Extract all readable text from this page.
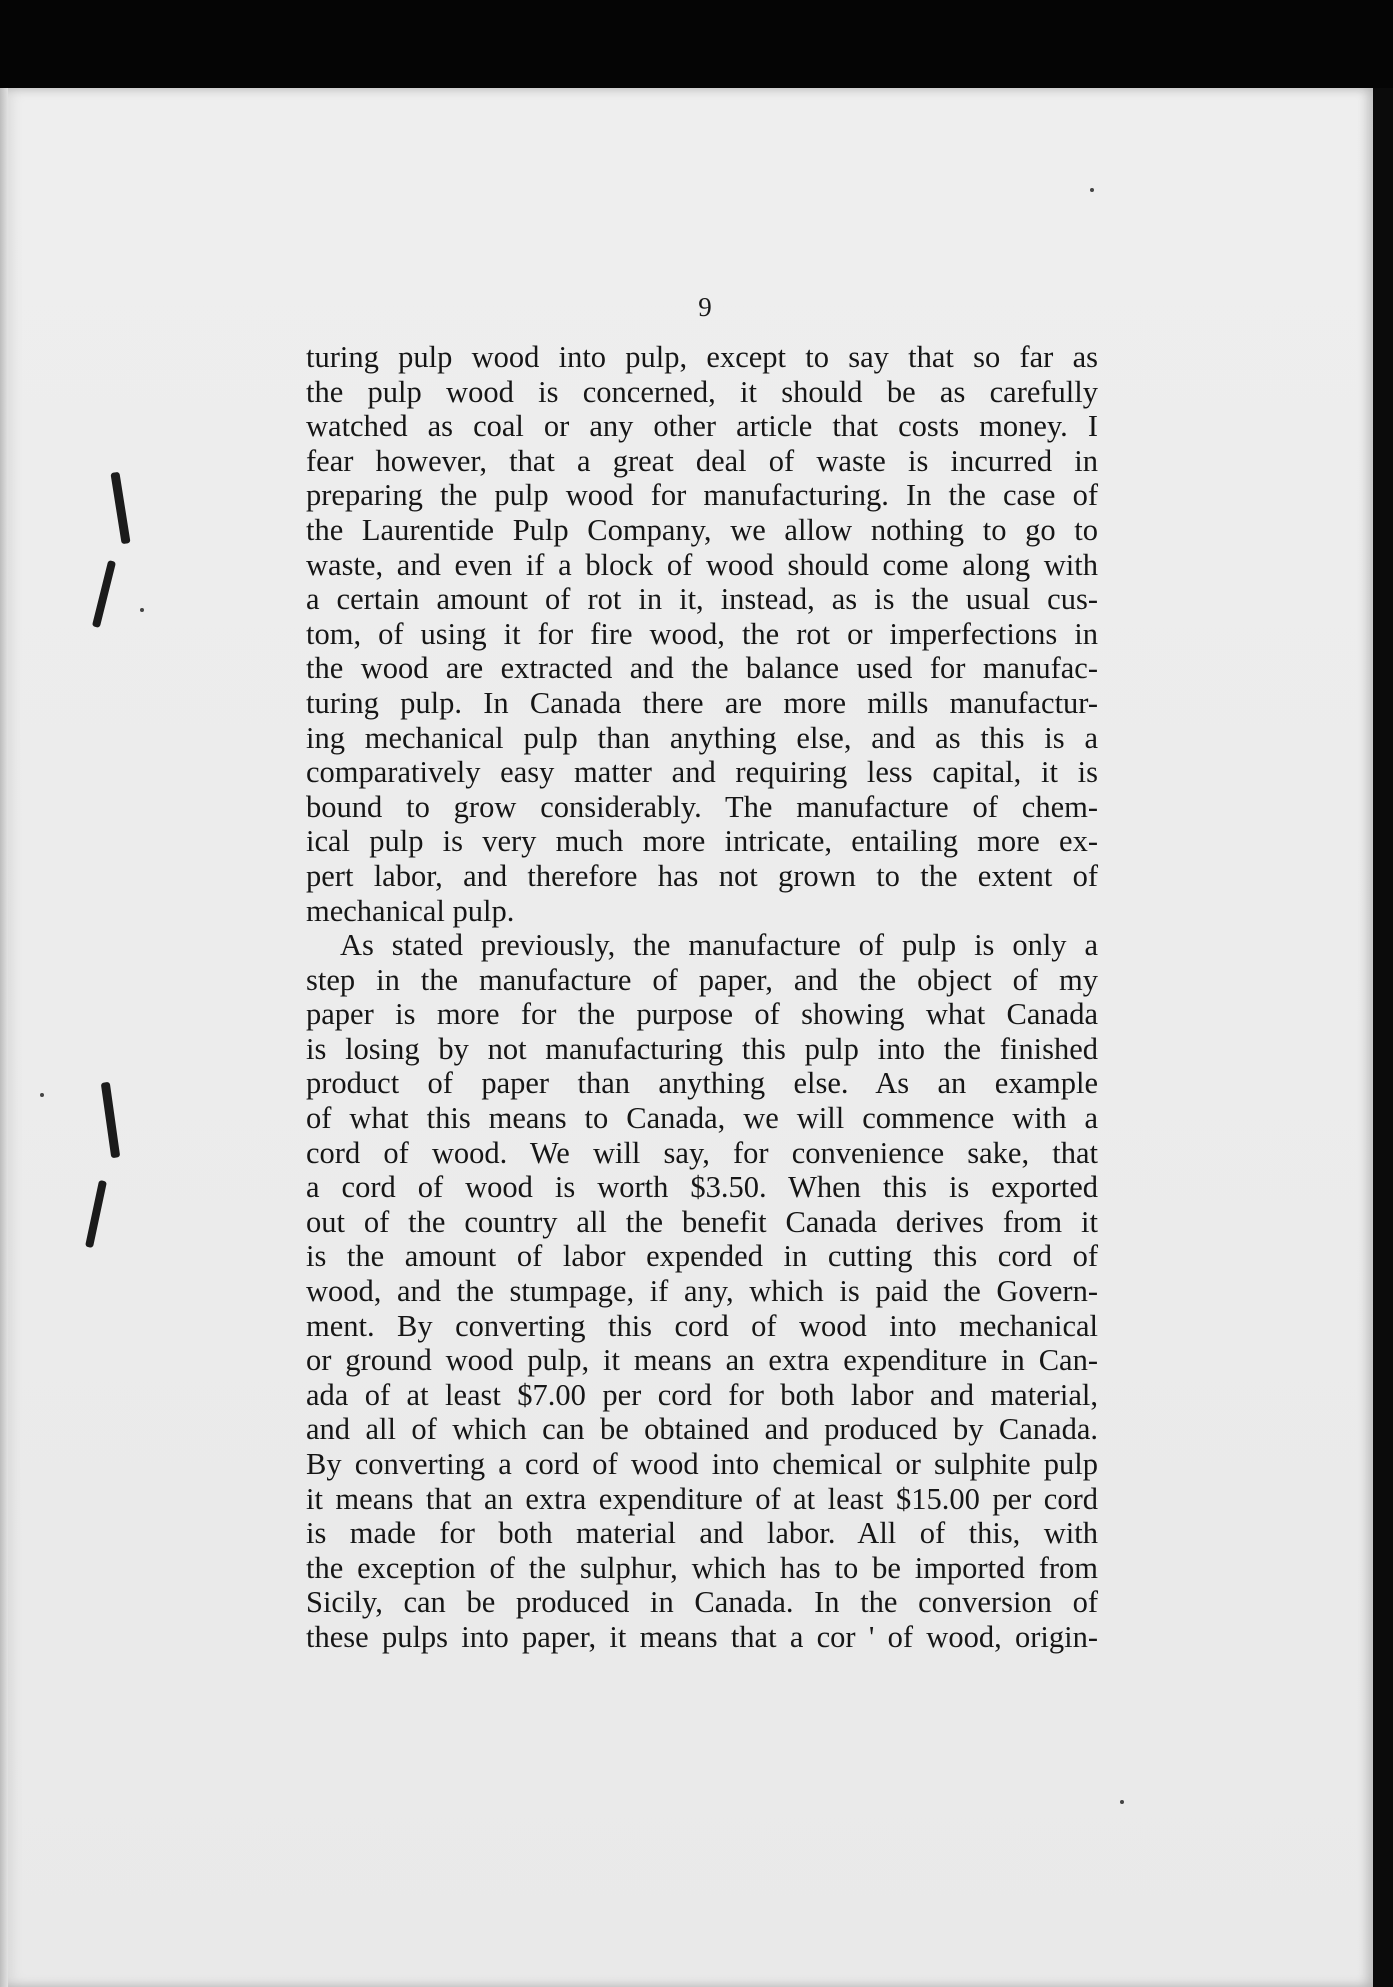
9
turing pulp wood into pulp, except to say that so far as
the pulp wood is concerned, it should be as carefully
watched as coal or any other article that costs money. I
fear however, that a great deal of waste is incurred in
preparing the pulp wood for manufacturing. In the case of
the Laurentide Pulp Company, we allow nothing to go to
waste, and even if a block of wood should come along with
a certain amount of rot in it, instead, as is the usual cus-
tom, of using it for fire wood, the rot or imperfections in
the wood are extracted and the balance used for manufac-
turing pulp. In Canada there are more mills manufactur-
ing mechanical pulp than anything else, and as this is a
comparatively easy matter and requiring less capital, it is
bound to grow considerably. The manufacture of chem-
ical pulp is very much more intricate, entailing more ex-
pert labor, and therefore has not grown to the extent of
mechanical pulp.
As stated previously, the manufacture of pulp is only a
step in the manufacture of paper, and the object of my
paper is more for the purpose of showing what Canada
is losing by not manufacturing this pulp into the finished
product of paper than anything else. As an example
of what this means to Canada, we will commence with a
cord of wood. We will say, for convenience sake, that
a cord of wood is worth $3.50. When this is exported
out of the country all the benefit Canada derives from it
is the amount of labor expended in cutting this cord of
wood, and the stumpage, if any, which is paid the Govern-
ment. By converting this cord of wood into mechanical
or ground wood pulp, it means an extra expenditure in Can-
ada of at least $7.00 per cord for both labor and material,
and all of which can be obtained and produced by Canada.
By converting a cord of wood into chemical or sulphite pulp
it means that an extra expenditure of at least $15.00 per cord
is made for both material and labor. All of this, with
the exception of the sulphur, which has to be imported from
Sicily, can be produced in Canada. In the conversion of
these pulps into paper, it means that a cor ' of wood, origin-
